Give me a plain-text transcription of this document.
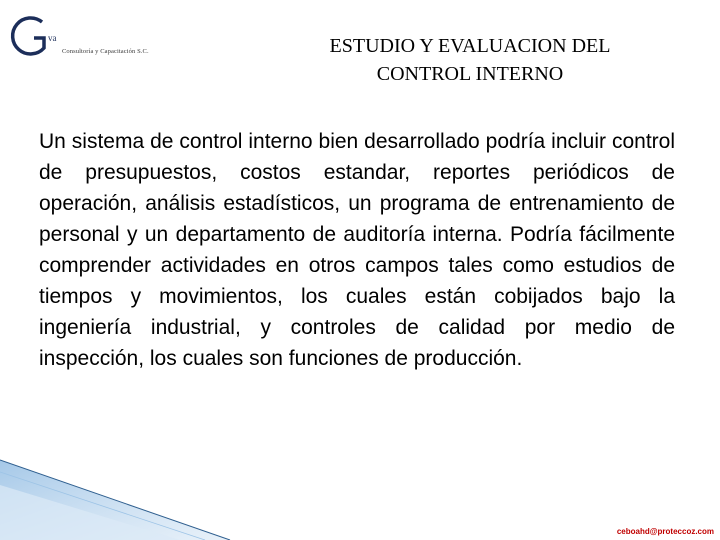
va
Consultoría y Capacitación S.C.	ESTUDIO Y EVALUACION DEL
CONTROL INTERNO

Un sistema de control interno bien desarrollado podría incluir control de presupuestos, costos estandar, reportes periódicos de operación, análisis estadísticos, un programa de entrenamiento de personal y un departamento de auditoría interna. Podría fácilmente comprender actividades en otros campos tales como estudios de tiempos y movimientos, los cuales están cobijados bajo la ingeniería industrial, y controles de calidad por medio de inspección, los cuales son funciones de producción.

ceboahd@proteccoz.com
